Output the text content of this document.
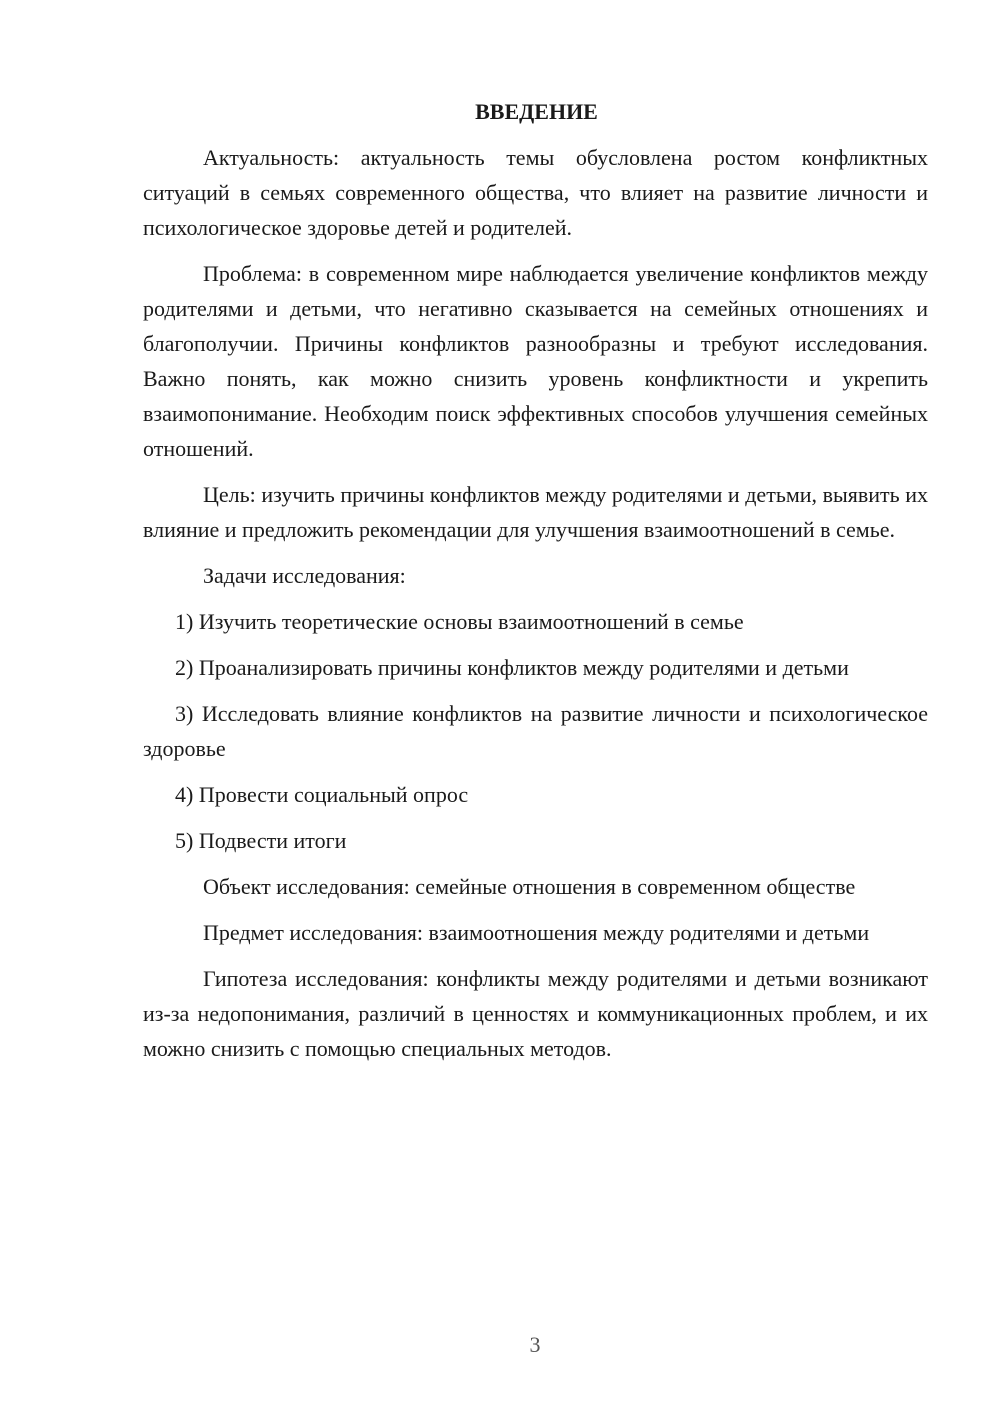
ВВЕДЕНИЕ

Актуальность: актуальность темы обусловлена ростом конфликтных ситуаций в семьях современного общества, что влияет на развитие личности и психологическое здоровье детей и родителей.

Проблема: в современном мире наблюдается увеличение конфликтов между родителями и детьми, что негативно сказывается на семейных отношениях и благополучии. Причины конфликтов разнообразны и требуют исследования. Важно понять, как можно снизить уровень конфликтности и укрепить взаимопонимание. Необходим поиск эффективных способов улучшения семейных отношений.

Цель: изучить причины конфликтов между родителями и детьми, выявить их влияние и предложить рекомендации для улучшения взаимоотношений в семье.

Задачи исследования:

1) Изучить теоретические основы взаимоотношений в семье

2) Проанализировать причины конфликтов между родителями и детьми

3) Исследовать влияние конфликтов на развитие личности и психологическое здоровье

4) Провести социальный опрос

5) Подвести итоги

Объект исследования: семейные отношения в современном обществе

Предмет исследования: взаимоотношения между родителями и детьми

Гипотеза исследования: конфликты между родителями и детьми возникают из-за недопонимания, различий в ценностях и коммуникационных проблем, и их можно снизить с помощью специальных методов.

3
